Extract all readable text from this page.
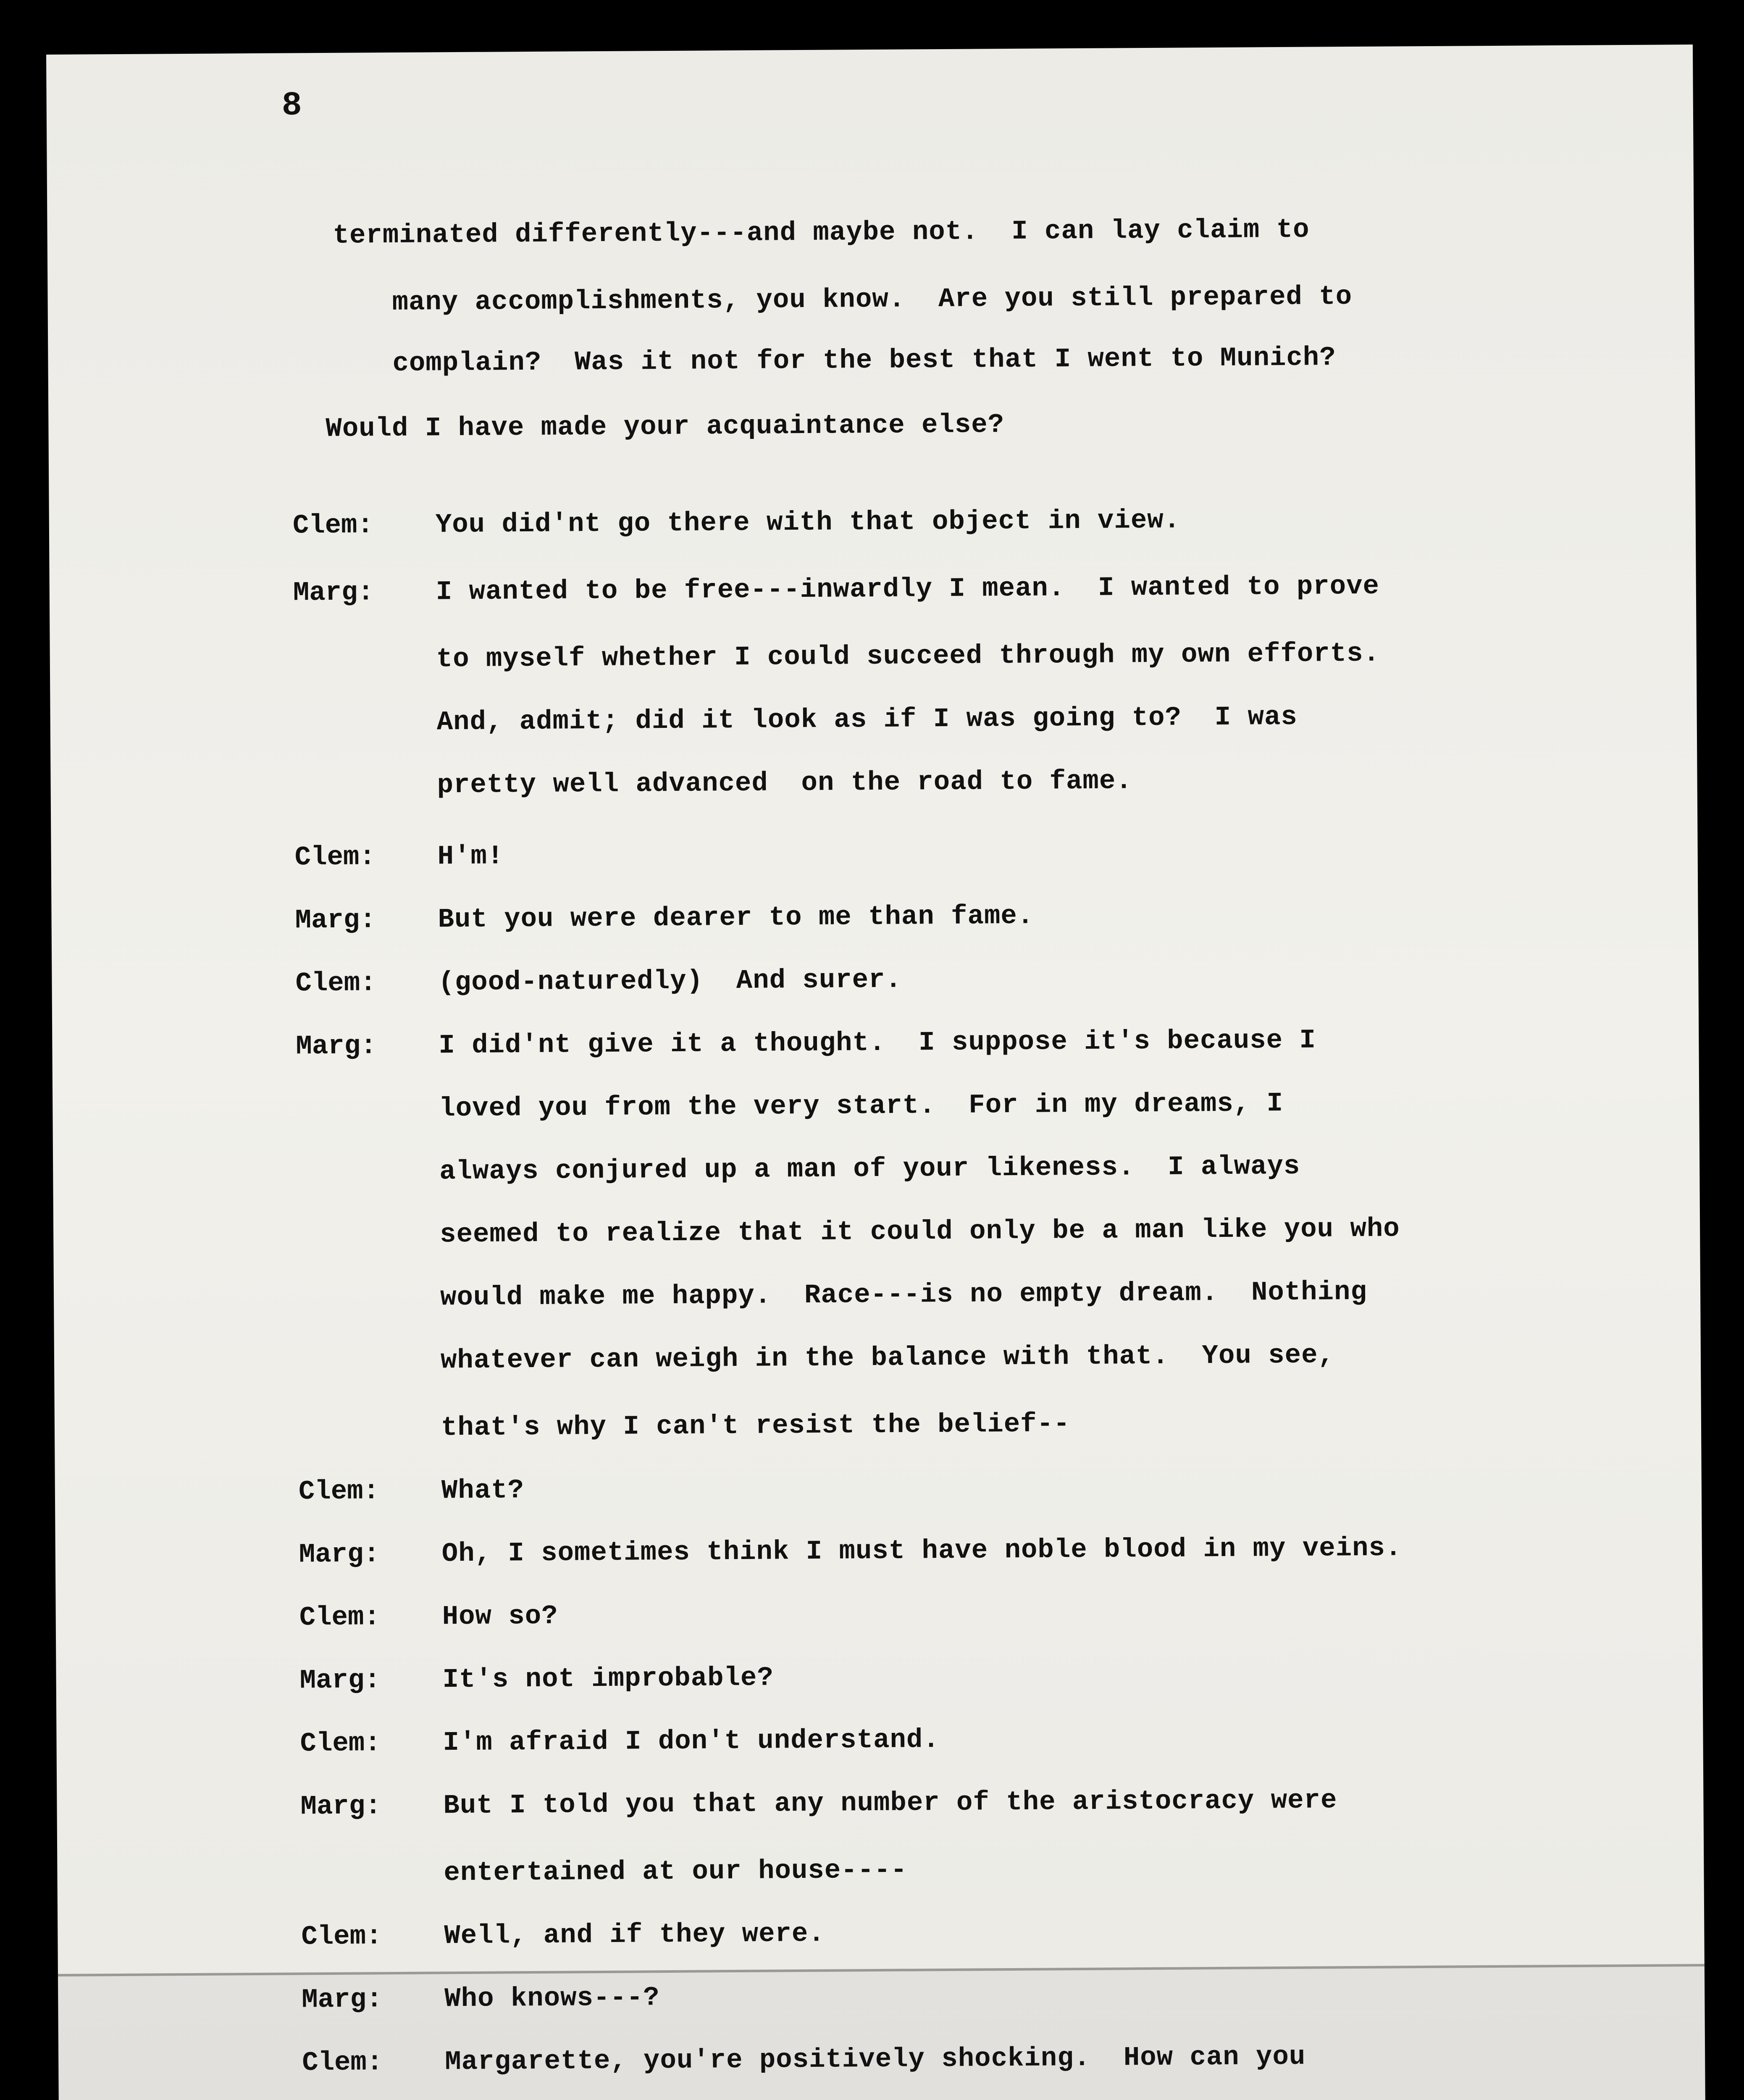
8
terminated differently---and maybe not.  I can lay claim to
many accomplishments, you know.  Are you still prepared to
complain?  Was it not for the best that I went to Munich?
Would I have made your acquaintance else?
Clem: You did'nt go there with that object in view.
Marg: I wanted to be free---inwardly I mean.  I wanted to prove
to myself whether I could succeed through my own efforts.
And, admit; did it look as if I was going to?  I was
pretty well advanced  on the road to fame.
Clem: H'm!
Marg: But you were dearer to me than fame.
Clem: (good-naturedly)  And surer.
Marg: I did'nt give it a thought.  I suppose it's because I
loved you from the very start.  For in my dreams, I
always conjured up a man of your likeness.  I always
seemed to realize that it could only be a man like you who
would make me happy.  Race---is no empty dream.  Nothing
whatever can weigh in the balance with that.  You see,
that's why I can't resist the belief--
Clem: What?
Marg: Oh, I sometimes think I must have noble blood in my veins.
Clem: How so?
Marg: It's not improbable?
Clem: I'm afraid I don't understand.
Marg: But I told you that any number of the aristocracy were
entertained at our house----
Clem: Well, and if they were.
Marg: Who knows---?
Clem: Margarette, you're positively shocking.  How can you
